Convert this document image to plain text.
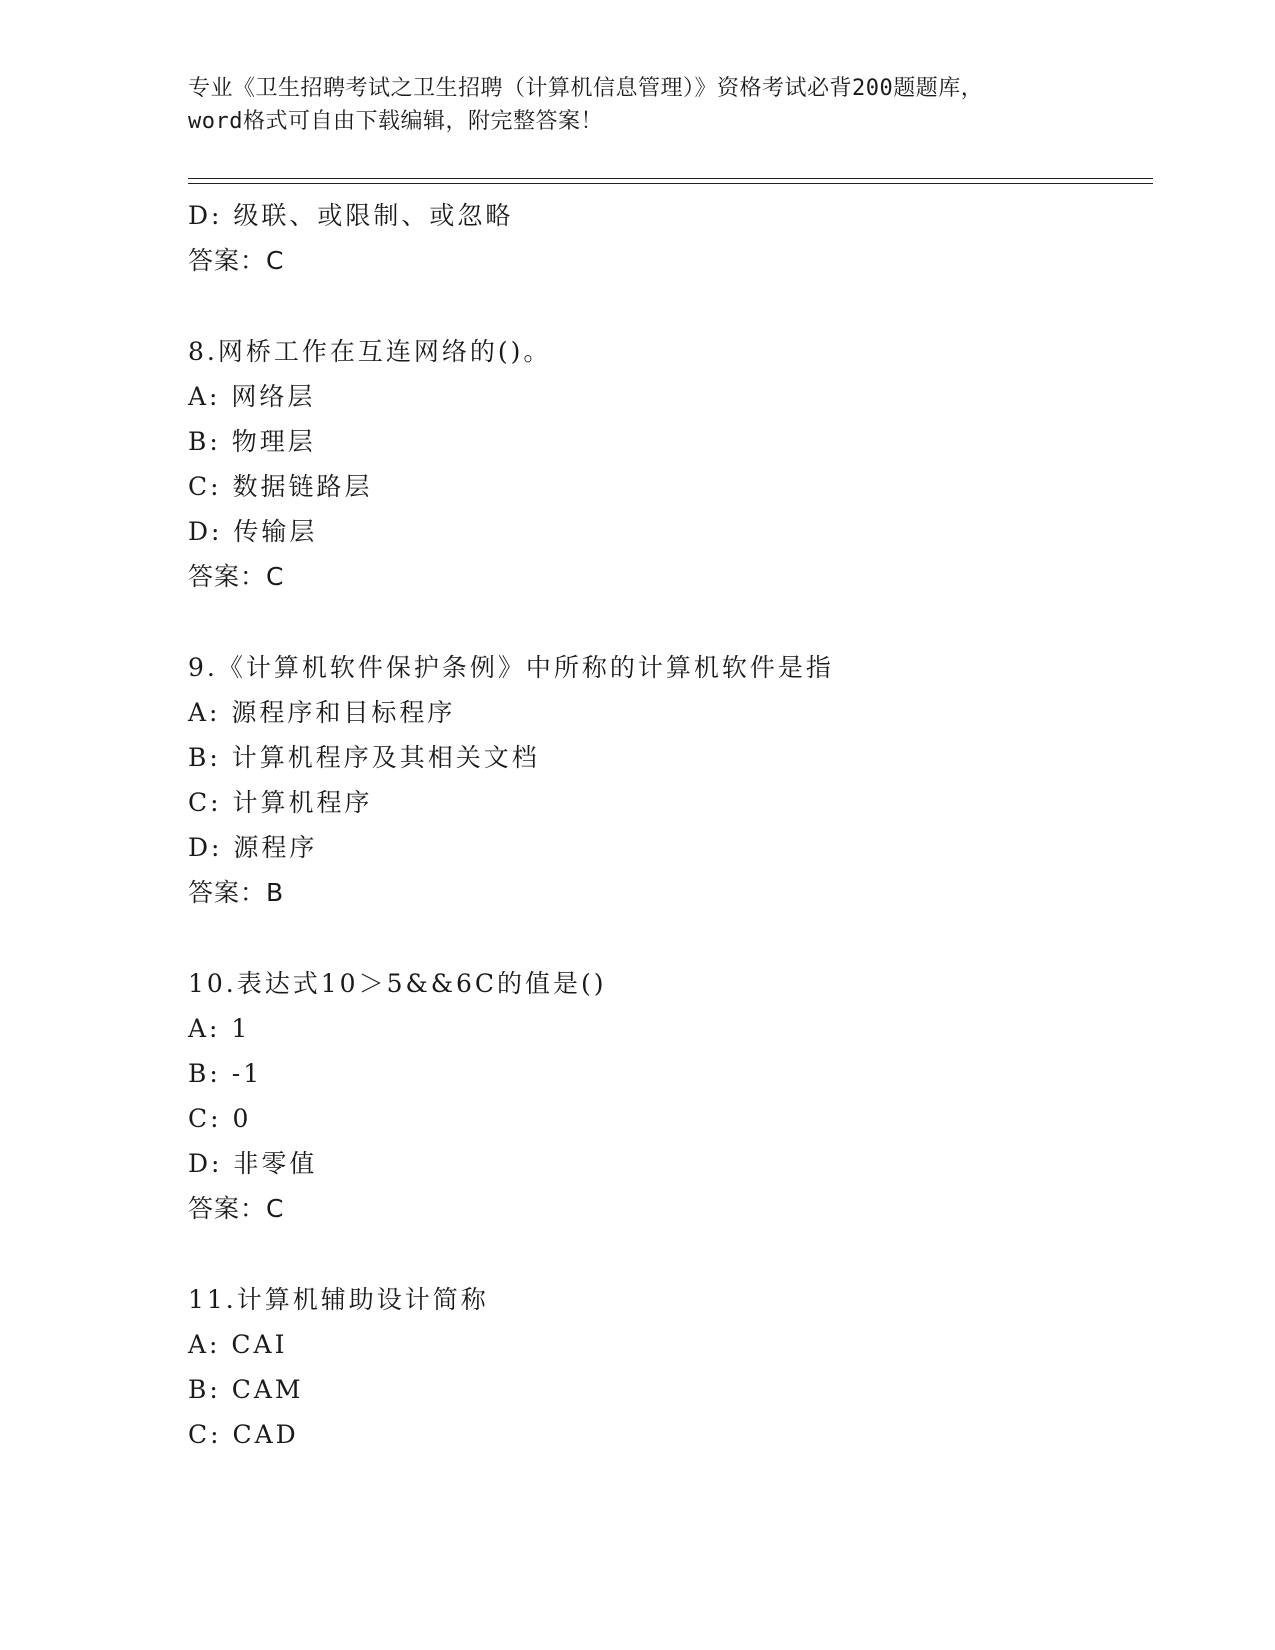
专业《卫生招聘考试之卫生招聘（计算机信息管理）》资格考试必背200题题库，
word格式可自由下载编辑，附完整答案！
D: 级联、或限制、或忽略
答案：C
8.网桥工作在互连网络的()。
A: 网络层
B: 物理层
C: 数据链路层
D: 传输层
答案：C
9.《计算机软件保护条例》中所称的计算机软件是指
A: 源程序和目标程序
B: 计算机程序及其相关文档
C: 计算机程序
D: 源程序
答案：B
10.表达式10＞5&&6C的值是()
A: 1
B: -1
C: 0
D: 非零值
答案：C
11.计算机辅助设计简称
A: CAI
B: CAM
C: CAD
